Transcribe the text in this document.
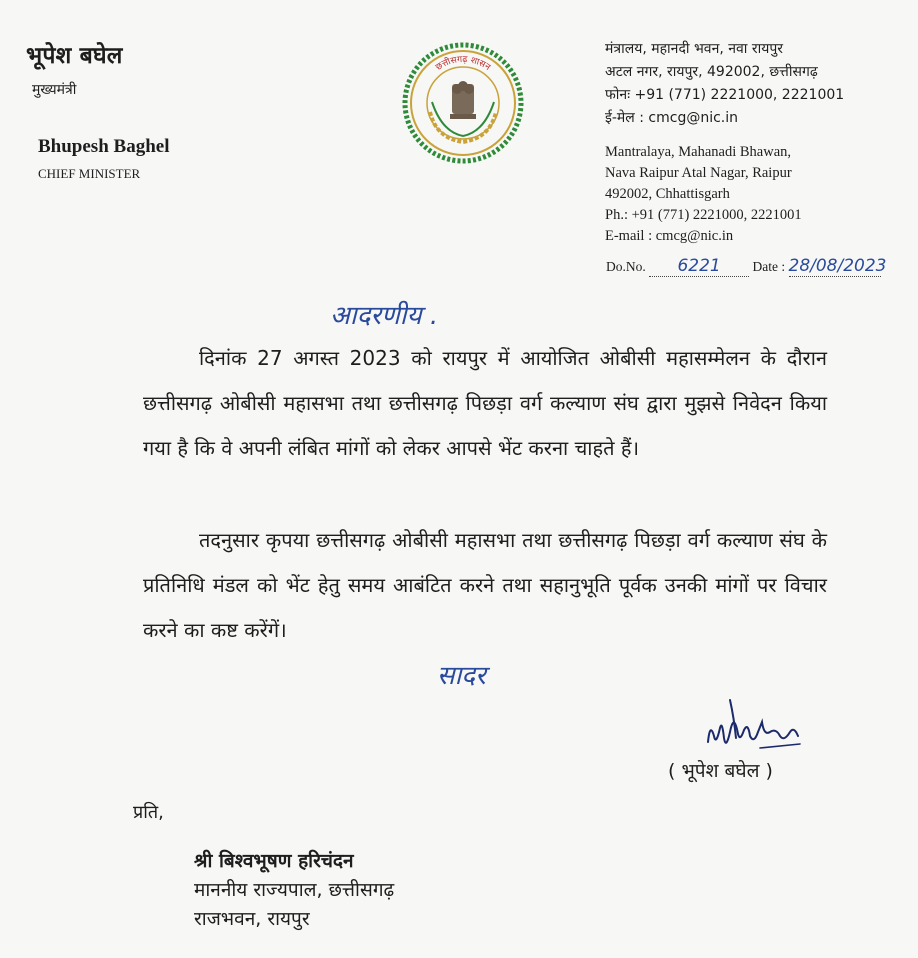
भूपेश बघेल
मुख्यमंत्री
Bhupesh Baghel
CHIEF MINISTER
छत्तीसगढ़ शासन
मंत्रालय, महानदी भवन, नवा रायपुर
अटल नगर, रायपुर, 492002, छत्तीसगढ़
फोनः +91 (771) 2221000, 2221001
ई-मेल : cmcg@nic.in
Mantralaya, Mahanadi Bhawan,
Nava Raipur Atal Nagar, Raipur
492002, Chhattisgarh
Ph.: +91 (771) 2221000, 2221001
E-mail : cmcg@nic.in
Do.No. 6221 Date : 28/08/2023
आदरणीय .
दिनांक 27 अगस्त 2023 को रायपुर में आयोजित ओबीसी महासम्मेलन के दौरान छत्तीसगढ़ ओबीसी महासभा तथा छत्तीसगढ़ पिछड़ा वर्ग कल्याण संघ द्वारा मुझसे निवेदन किया गया है कि वे अपनी लंबित मांगों को लेकर आपसे भेंट करना चाहते हैं।
तदनुसार कृपया छत्तीसगढ़ ओबीसी महासभा तथा छत्तीसगढ़ पिछड़ा वर्ग कल्याण संघ के प्रतिनिधि मंडल को भेंट हेतु समय आबंटित करने तथा सहानुभूति पूर्वक उनकी मांगों पर विचार करने का कष्ट करेंगें।
सादर
( भूपेश बघेल )
प्रति,
श्री बिश्वभूषण हरिचंदन
माननीय राज्यपाल, छत्तीसगढ़
राजभवन, रायपुर
